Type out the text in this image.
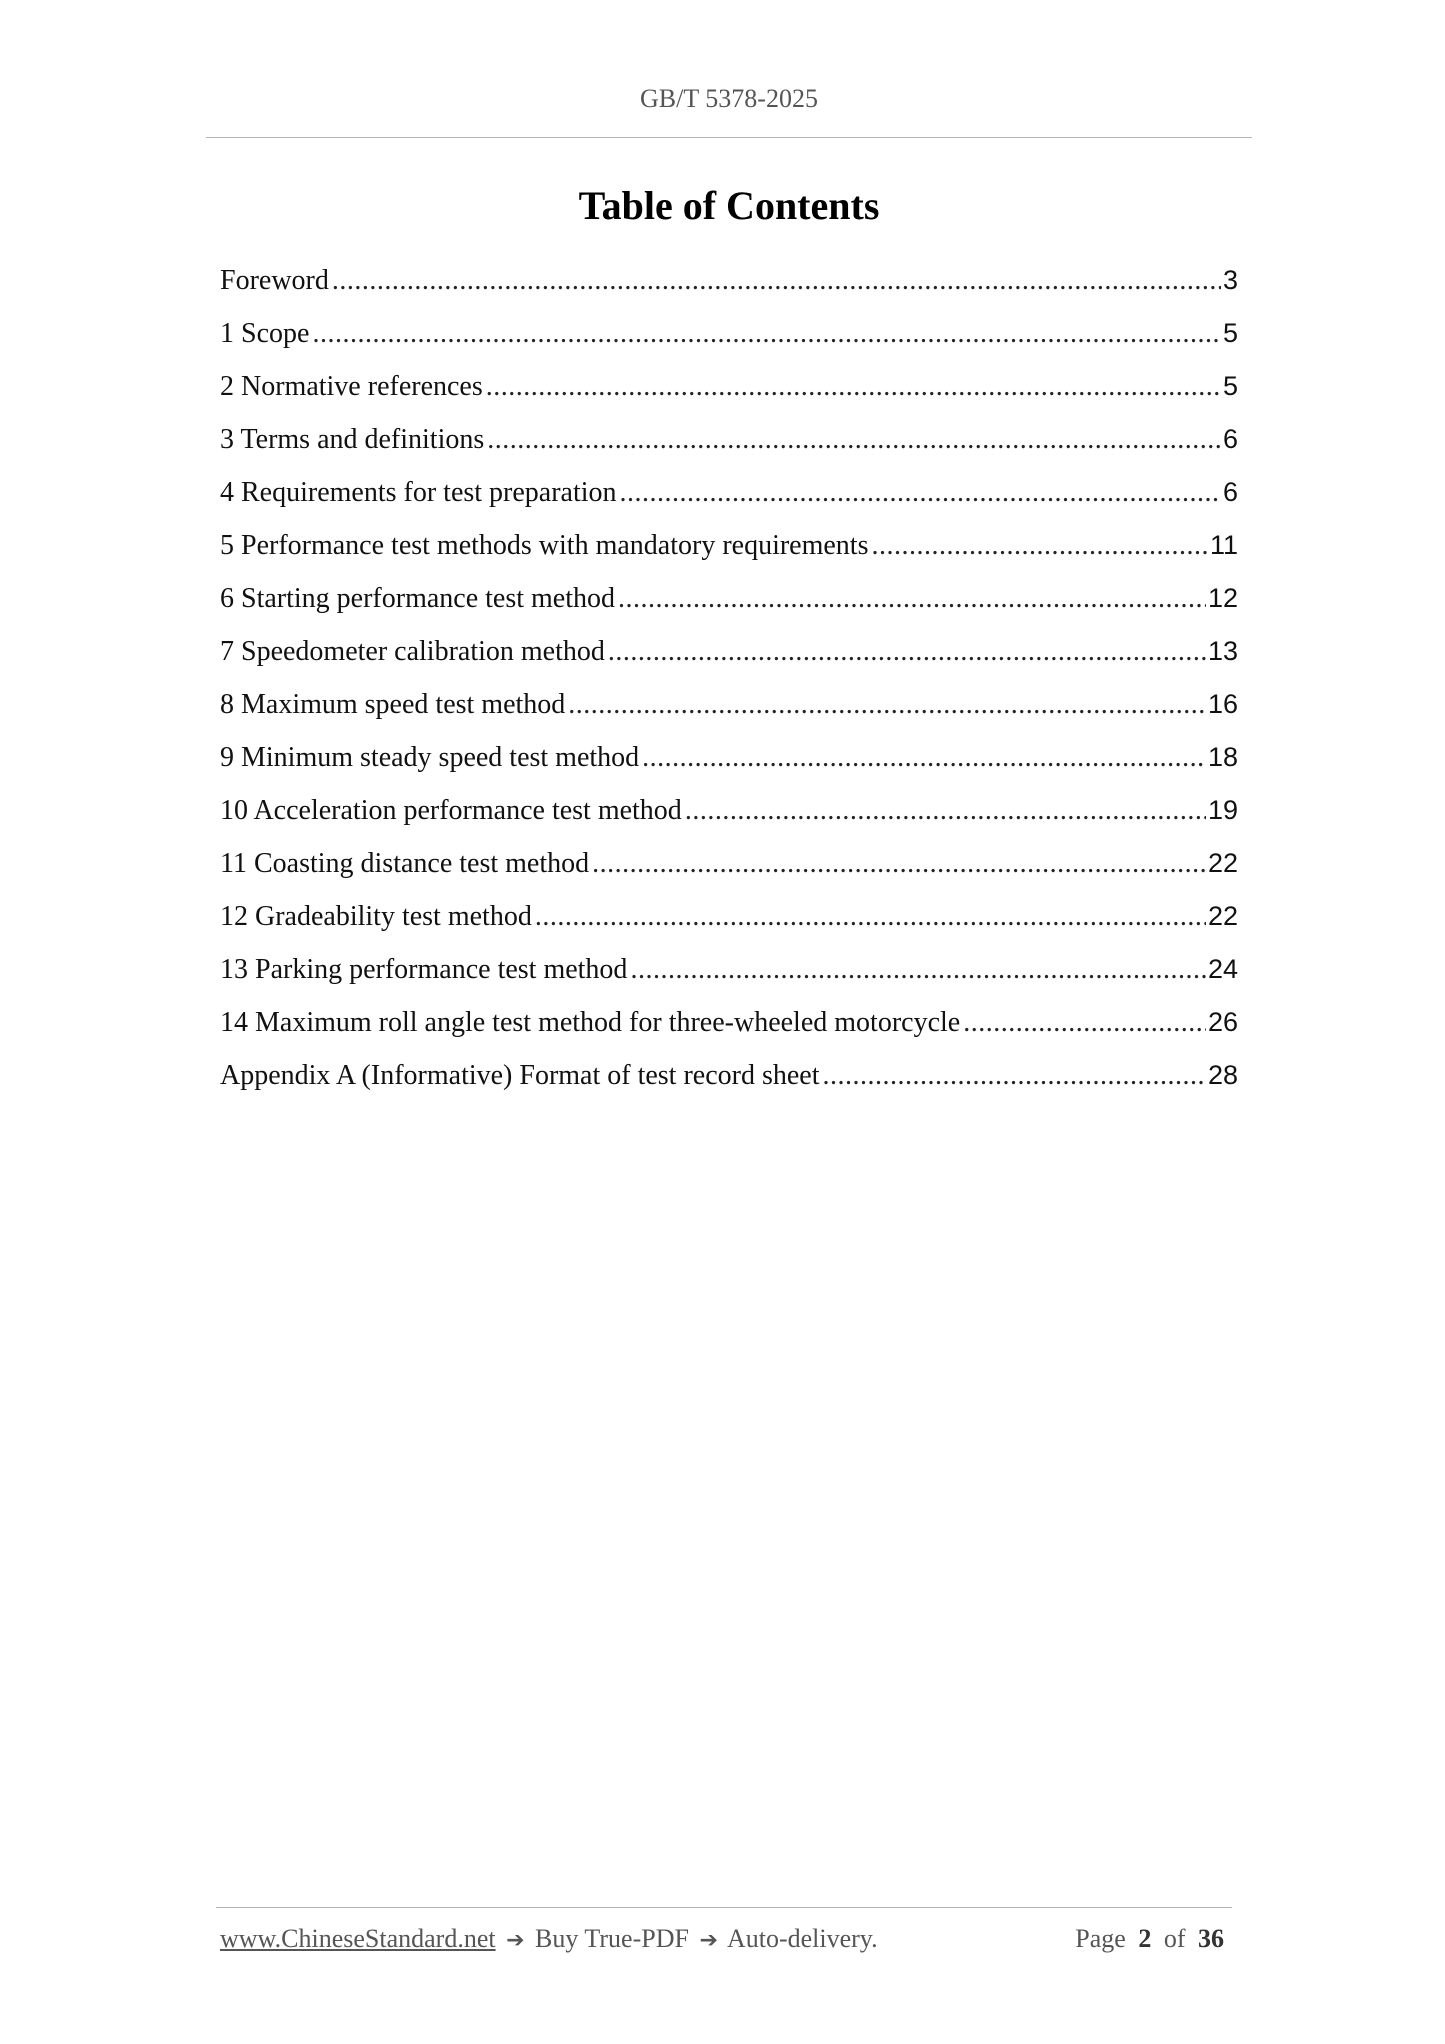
GB/T 5378-2025
Table of Contents
Foreword .....	3
1 Scope .....	5
2 Normative references .....	5
3 Terms and definitions .....	6
4 Requirements for test preparation .....	6
5 Performance test methods with mandatory requirements .....	11
6 Starting performance test method .....	12
7 Speedometer calibration method .....	13
8 Maximum speed test method .....	16
9 Minimum steady speed test method .....	18
10 Acceleration performance test method .....	19
11 Coasting distance test method .....	22
12 Gradeability test method .....	22
13 Parking performance test method .....	24
14 Maximum roll angle test method for three-wheeled motorcycle .....	26
Appendix A (Informative) Format of test record sheet .....	28
www.ChineseStandard.net ➔ Buy True-PDF ➔ Auto-delivery.	Page 2 of 36
